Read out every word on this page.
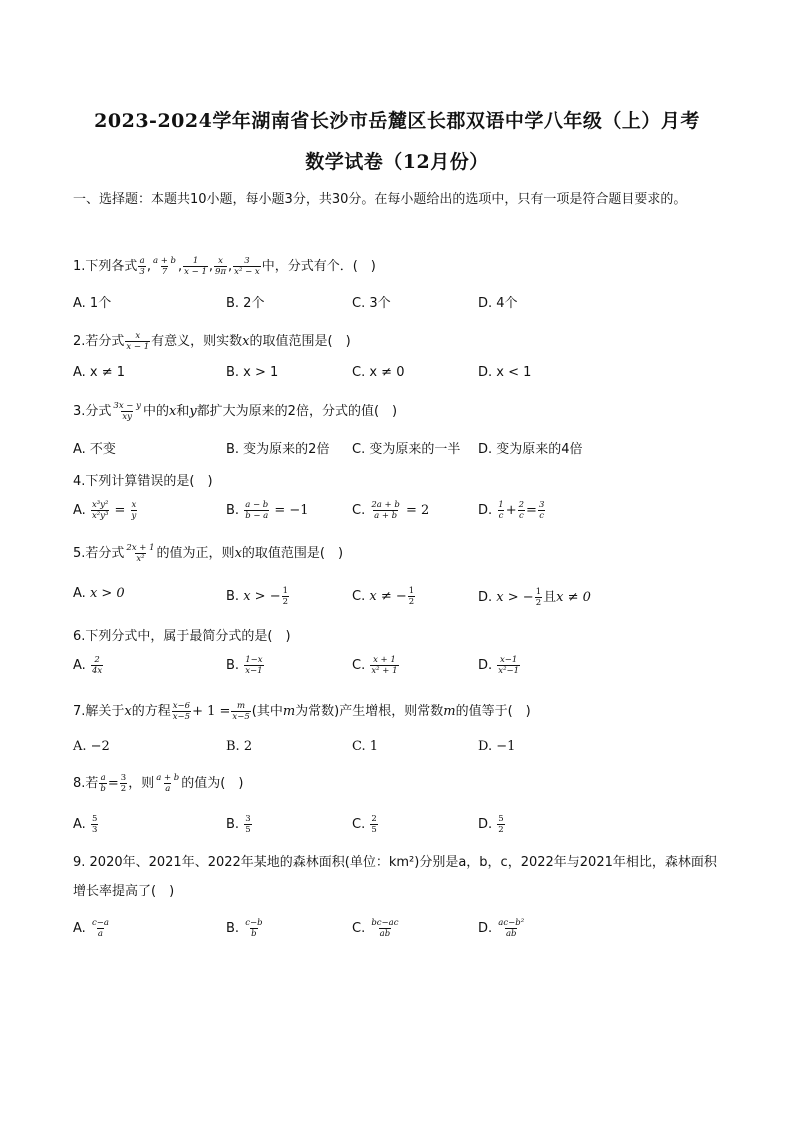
2023-2024学年湖南省长沙市岳麓区长郡双语中学八年级（上）月考
数学试卷（12月份）
一、选择题：本题共10小题，每小题3分，共30分。在每小题给出的选项中，只有一项是符合题目要求的。
1.下列各式 $\frac{a}{3}$ , $\frac{a + b}{7}$ , $\frac{1}{x - 1}$ , $\frac{x}{9\pi}$ , $\frac{3}{\text{x² − x}}$ 中，分式有个．(　)
A. 1个	B. 2个	C. 3个	D. 4个
2.若分式 $\frac{x}{x - 1}$ 有意义，则实数x的取值范围是(　)
A. x ≠ 1	B. x > 1	C. x ≠ 0	D. x < 1
3.分式 $\frac{3x - y}{xy}$ 中的x和y都扩大为原来的2倍，分式的值(　)
A. 不变	B. 变为原来的2倍 C. 变为原来的一半 D. 变为原来的4倍
4.下列计算错误的是(　)
A. $\frac{\text{x³y²}}{\text{x²y³}} = \frac{x}{y}$	B. $\frac{a - b}{b - a} = -1$	C. $\frac{2a + b}{a + b} = 2$	D. $\frac{1}{c} + \frac{2}{c} = \frac{3}{c}$
5.若分式 $\frac{2x + 1}{\text{x²}}$ 的值为正，则x的取值范围是(　)
A. x > 0	B. x > − $\frac{1}{2}$	C. x ≠ − $\frac{1}{2}$	D. x > − $\frac{1}{2}$ 且x ≠ 0
6.下列分式中，属于最简分式的是(　)
A. $\frac{2}{4x}$	B. $\frac{1-x}{x-1}$	C. $\frac{x + 1}{\text{x² + 1}}$	D. $\frac{x-1}{\text{x²−1}}$
7.解关于x的方程 $\frac{x-6}{x-5} + 1 = \frac{m}{x-5}$ (其中m为常数)产生增根，则常数m的值等于(　)
A. −2	B. 2	C. 1	D. −1
8.若 $\frac{a}{b} = \frac{3}{2}$ ，则 $\frac{a + b}{a}$ 的值为(　)
A. $\frac{5}{3}$	B. $\frac{3}{5}$	C. $\frac{2}{5}$	D. $\frac{5}{2}$
9. 2020年、2021年、2022年某地的森林面积(单位：km²)分别是a，b，c，2022年与2021年相比，森林面积增长率提高了(　)
A. $\frac{c-a}{a}$	B. $\frac{c-b}{b}$	C. $\frac{bc-ac}{ab}$	D. $\frac{\text{ac−b²}}{ab}$
